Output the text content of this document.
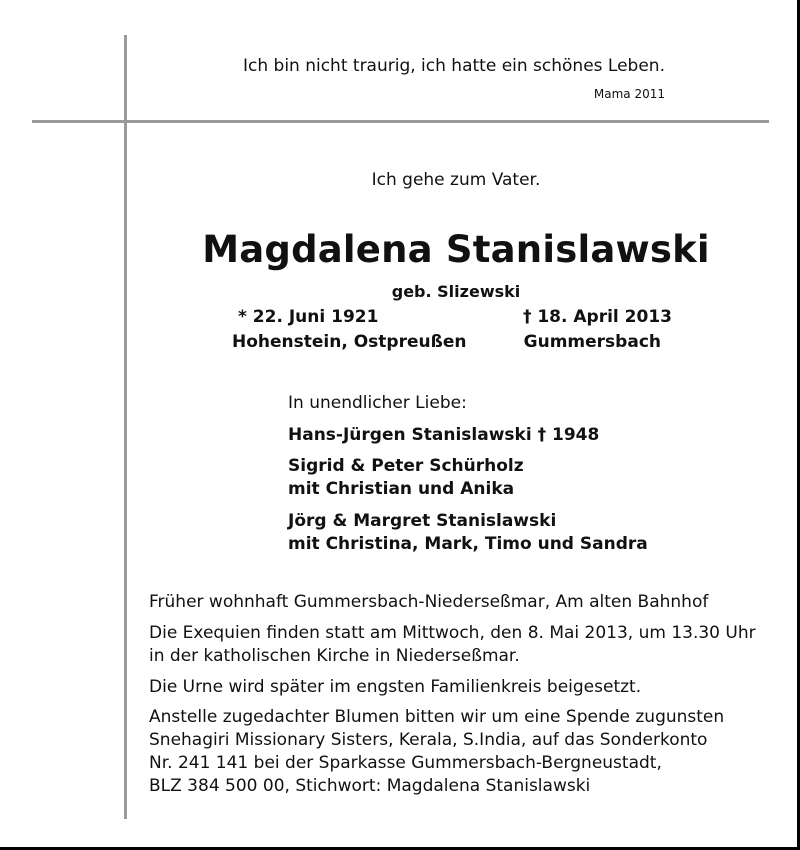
Ich bin nicht traurig, ich hatte ein schönes Leben.
Mama 2011
Ich gehe zum Vater.
Magdalena Stanislawski
geb. Slizewski
* 22. Juni 1921
Hohenstein, Ostpreußen
† 18. April 2013
Gummersbach
In unendlicher Liebe:
Hans-Jürgen Stanislawski † 1948
Sigrid & Peter Schürholz
mit Christian und Anika
Jörg & Margret Stanislawski
mit Christina, Mark, Timo und Sandra
Früher wohnhaft Gummersbach-Niederseßmar, Am alten Bahnhof
Die Exequien finden statt am Mittwoch, den 8. Mai 2013, um 13.30 Uhr
in der katholischen Kirche in Niederseßmar.
Die Urne wird später im engsten Familienkreis beigesetzt.
Anstelle zugedachter Blumen bitten wir um eine Spende zugunsten
Snehagiri Missionary Sisters, Kerala, S.India, auf das Sonderkonto
Nr. 241 141 bei der Sparkasse Gummersbach-Bergneustadt,
BLZ 384 500 00, Stichwort: Magdalena Stanislawski
